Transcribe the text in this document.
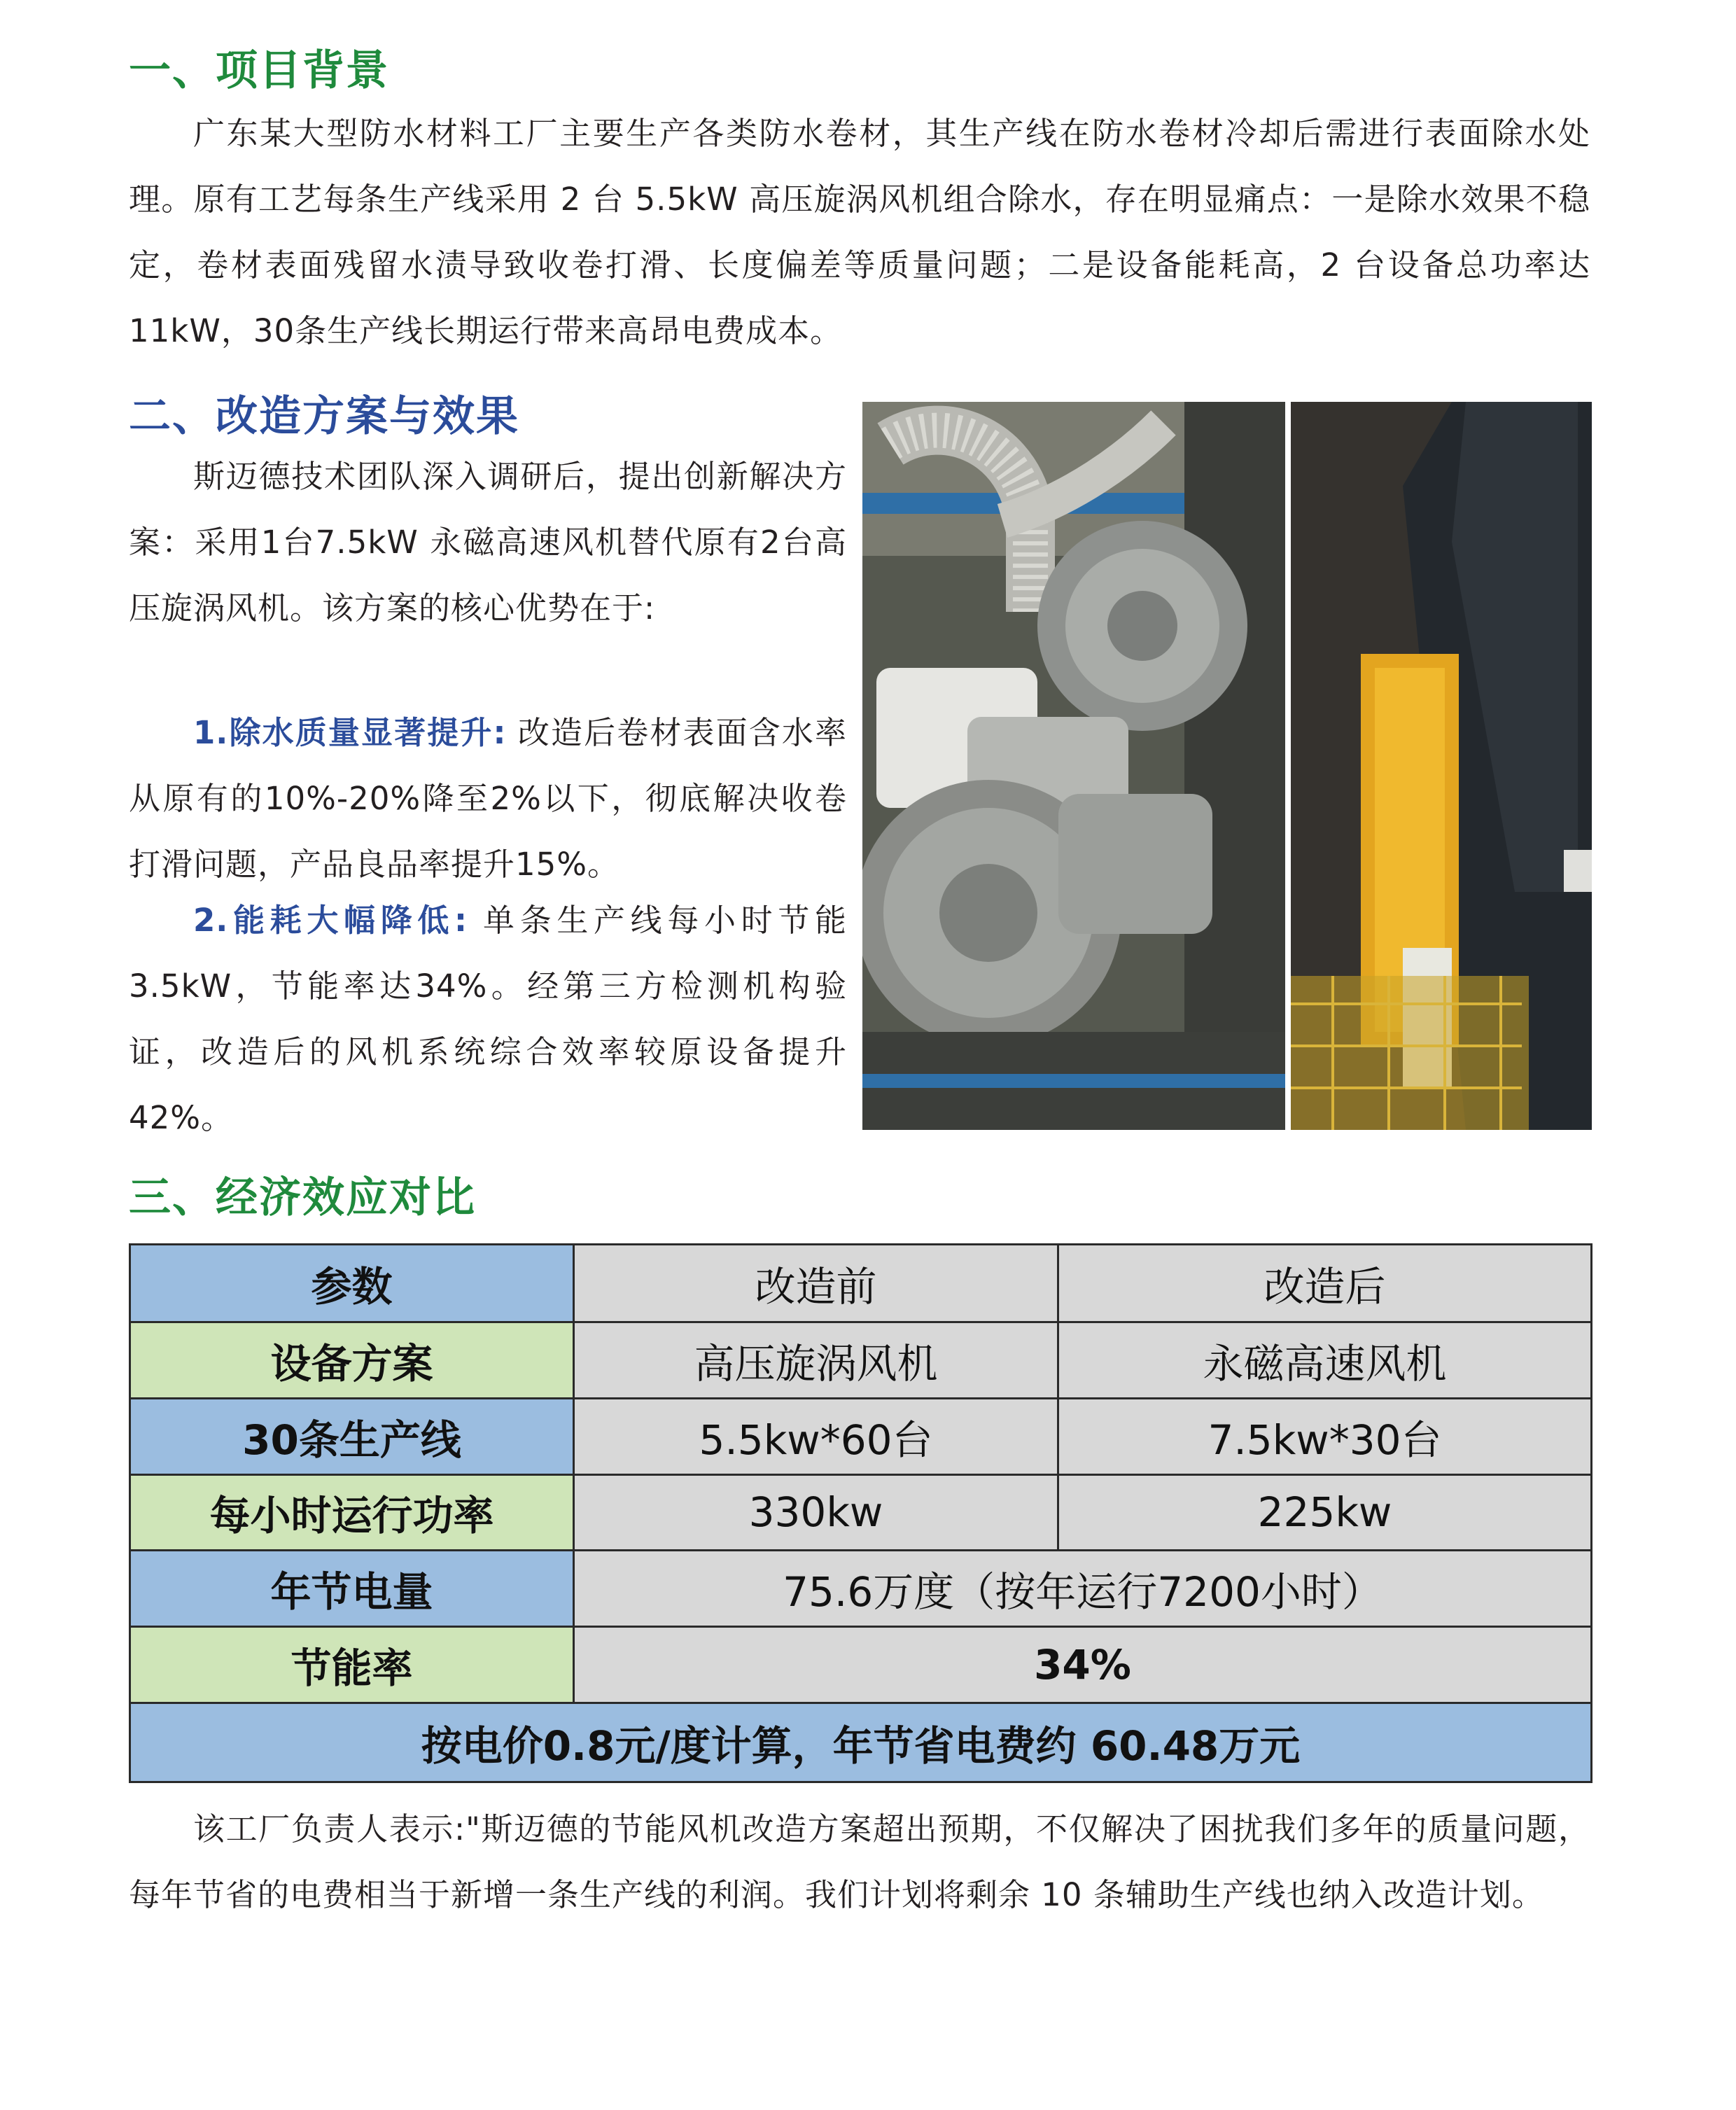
一、项目背景

广东某大型防水材料工厂主要生产各类防水卷材，其生产线在防水卷材冷却后需进行表面除水处理。原有工艺每条生产线采用 2 台 5.5kW 高压旋涡风机组合除水，存在明显痛点：一是除水效果不稳定，卷材表面残留水渍导致收卷打滑、长度偏差等质量问题；二是设备能耗高，2 台设备总功率达 11kW，30条生产线长期运行带来高昂电费成本。

二、改造方案与效果

斯迈德技术团队深入调研后，提出创新解决方案：采用1台7.5kW 永磁高速风机替代原有2台高压旋涡风机。该方案的核心优势在于:

1.除水质量显著提升: 改造后卷材表面含水率从原有的10%-20%降至2%以下，彻底解决收卷打滑问题，产品良品率提升15%。

2.能耗大幅降低: 单条生产线每小时节能3.5kW，节能率达34%。经第三方检测机构验证，改造后的风机系统综合效率较原设备提升42%。

三、经济效应对比
参数	改造前	改造后
设备方案	高压旋涡风机	永磁高速风机
30条生产线	5.5kw*60台	7.5kw*30台
每小时运行功率	330kw	225kw
年节电量	75.6万度（按年运行7200小时）	
节能率	34%	
按电价0.8元/度计算，年节省电费约 60.48万元		

该工厂负责人表示:"斯迈德的节能风机改造方案超出预期，不仅解决了困扰我们多年的质量问题，每年节省的电费相当于新增一条生产线的利润。我们计划将剩余 10 条辅助生产线也纳入改造计划。
